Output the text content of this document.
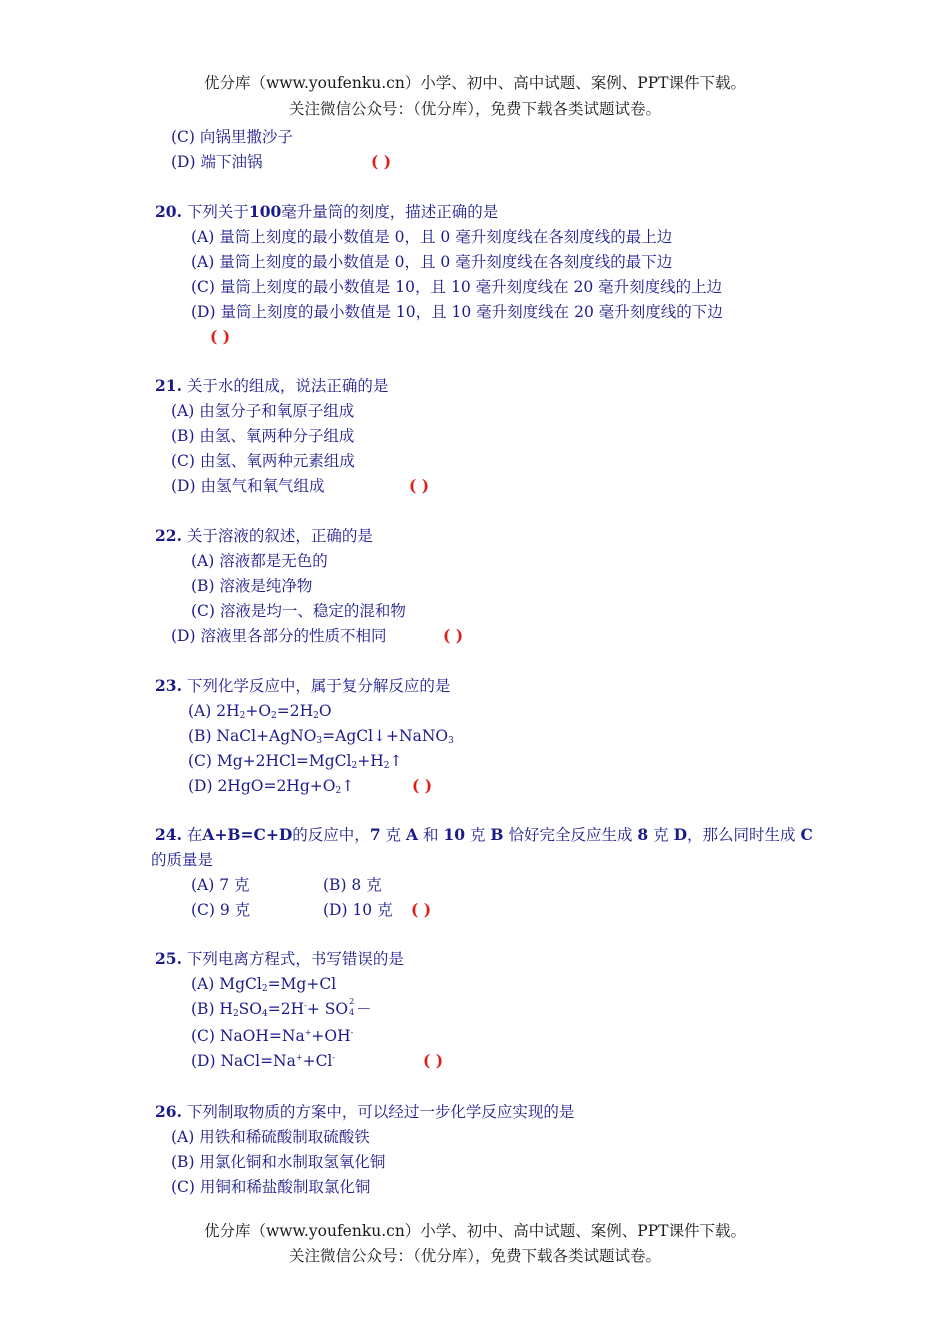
优分库（www.youfenku.cn）小学、初中、高中试题、案例、PPT课件下载。
关注微信公众号：（优分库），免费下载各类试题试卷。
(C) 向锅里撒沙子
(D) 端下油锅	( )
20. 下列关于100毫升量筒的刻度，描述正确的是
(A) 量筒上刻度的最小数值是 0，且 0 毫升刻度线在各刻度线的最上边
(A) 量筒上刻度的最小数值是 0，且 0 毫升刻度线在各刻度线的最下边
(C) 量筒上刻度的最小数值是 10，且 10 毫升刻度线在 20 毫升刻度线的上边
(D) 量筒上刻度的最小数值是 10，且 10 毫升刻度线在 20 毫升刻度线的下边
( )
21. 关于水的组成，说法正确的是
(A) 由氢分子和氧原子组成
(B) 由氢、氧两种分子组成
(C) 由氢、氧两种元素组成
(D) 由氢气和氧气组成	( )
22. 关于溶液的叙述，正确的是
(A) 溶液都是无色的
(B) 溶液是纯净物
(C) 溶液是均一、稳定的混和物
(D) 溶液里各部分的性质不相同	( )
23. 下列化学反应中，属于复分解反应的是
(A) $2H_2+O_2=2H_2O$
(B) NaCl+AgNO$_3$=AgCl↓+NaNO$_3$
(C) $Mg+2HCl=MgCl_2+H_2↑$
(D) $2HgO=2Hg+O_2↑$	( )
24. 在A+B=C+D的反应中，7 克 A 和 10 克 B 恰好完全反应生成 8 克 D，那么同时生成 C
的质量是
(A) 7 克	(B) 8 克
(C) 9 克	(D) 10 克 ( )
25. 下列电离方程式，书写错误的是
(A) MgCl$_2$=Mg+Cl
(B) $H_2SO_4=2H^-+$ SO 2
4 －
(C) NaOH=Na++OH-
(D) NaCl=Na++Cl-	( )
26. 下列制取物质的方案中，可以经过一步化学反应实现的是
(A) 用铁和稀硫酸制取硫酸铁
(B) 用氯化铜和水制取氢氧化铜
(C) 用铜和稀盐酸制取氯化铜
优分库（www.youfenku.cn）小学、初中、高中试题、案例、PPT课件下载。
关注微信公众号：（优分库），免费下载各类试题试卷。
